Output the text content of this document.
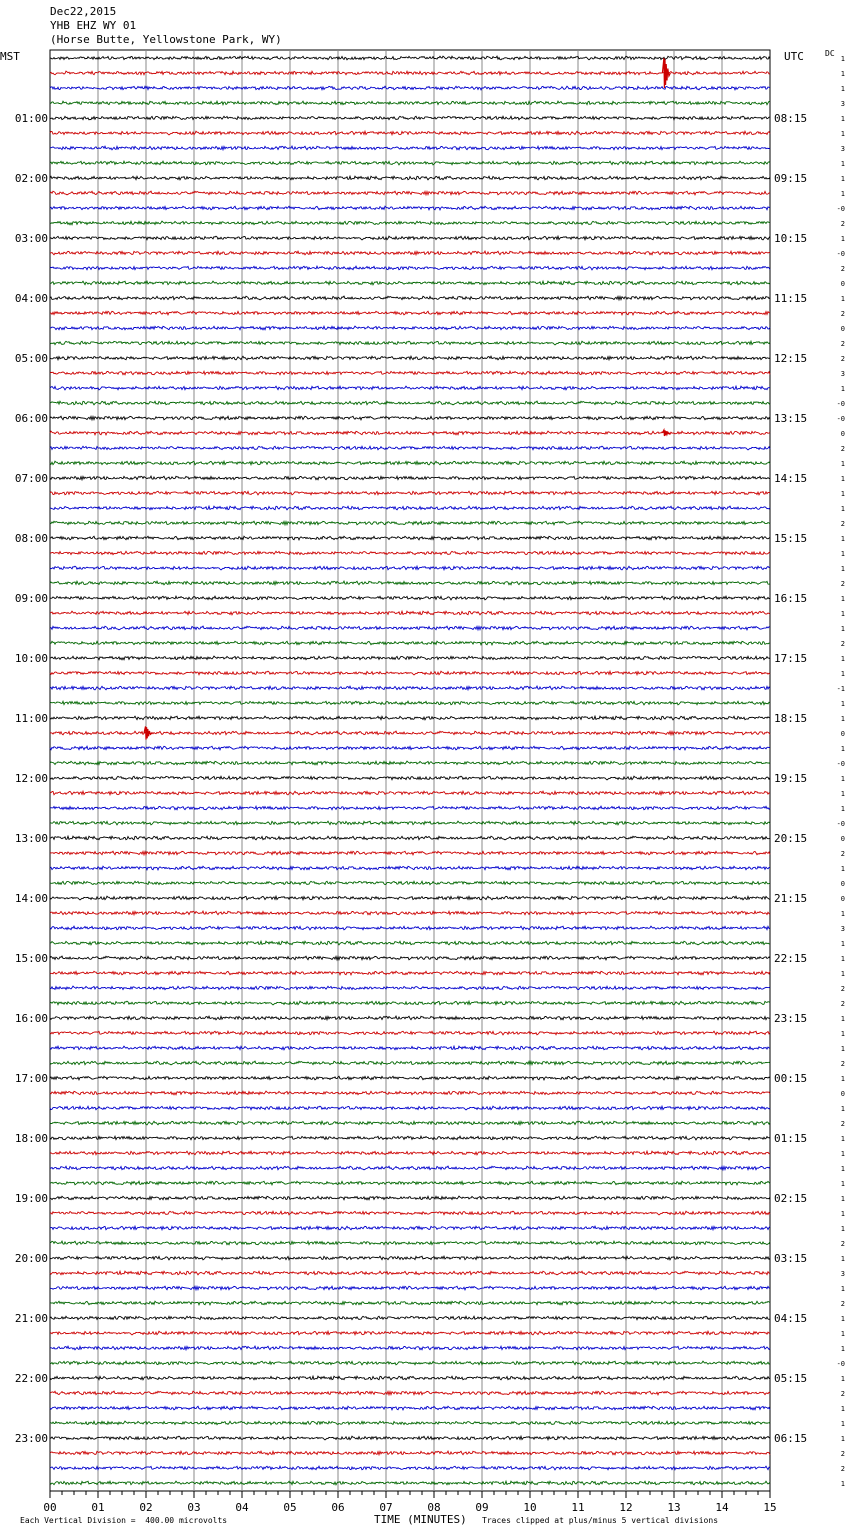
Dec22,2015
YHB EHZ WY 01
(Horse Butte, Yellowstone Park, WY)
MST	UTC	DC
00	01	02	03	04	05	06	07	08	09	10	11	12	13	14	15
01:00
02:00
03:00
04:00
05:00
06:00
07:00
08:00
09:00
10:00
11:00
12:00
13:00
14:00
15:00
16:00
17:00
18:00
19:00
20:00
21:00
22:00
23:00
08:15
09:15
10:15
11:15
12:15
13:15
14:15
15:15
16:15
17:15
18:15
19:15
20:15
21:15
22:15
23:15
00:15
01:15
02:15
03:15
04:15
05:15
06:15
1
1
1
3
1
1
3
1
1
1
-0
2
1
-0
2
0
1
2
0
2
2
3
1
-0
-0
0
2
1
1
1
1
2
1
1
1
2
1
1
1
2
1
1
-1
1
1
0
1
-0
1
1
1
-0
0
2
1
0
0
1
3
1
1
1
2
2
1
1
1
2
1
0
1
2
1
1
1
1
1
1
1
2
1
3
1
2
1
1
1
-0
1
2
1
1
1
2
2
1
Each Vertical Division =  400.00 microvolts	TIME (MINUTES) Traces clipped at plus/minus 5 vertical divisions
